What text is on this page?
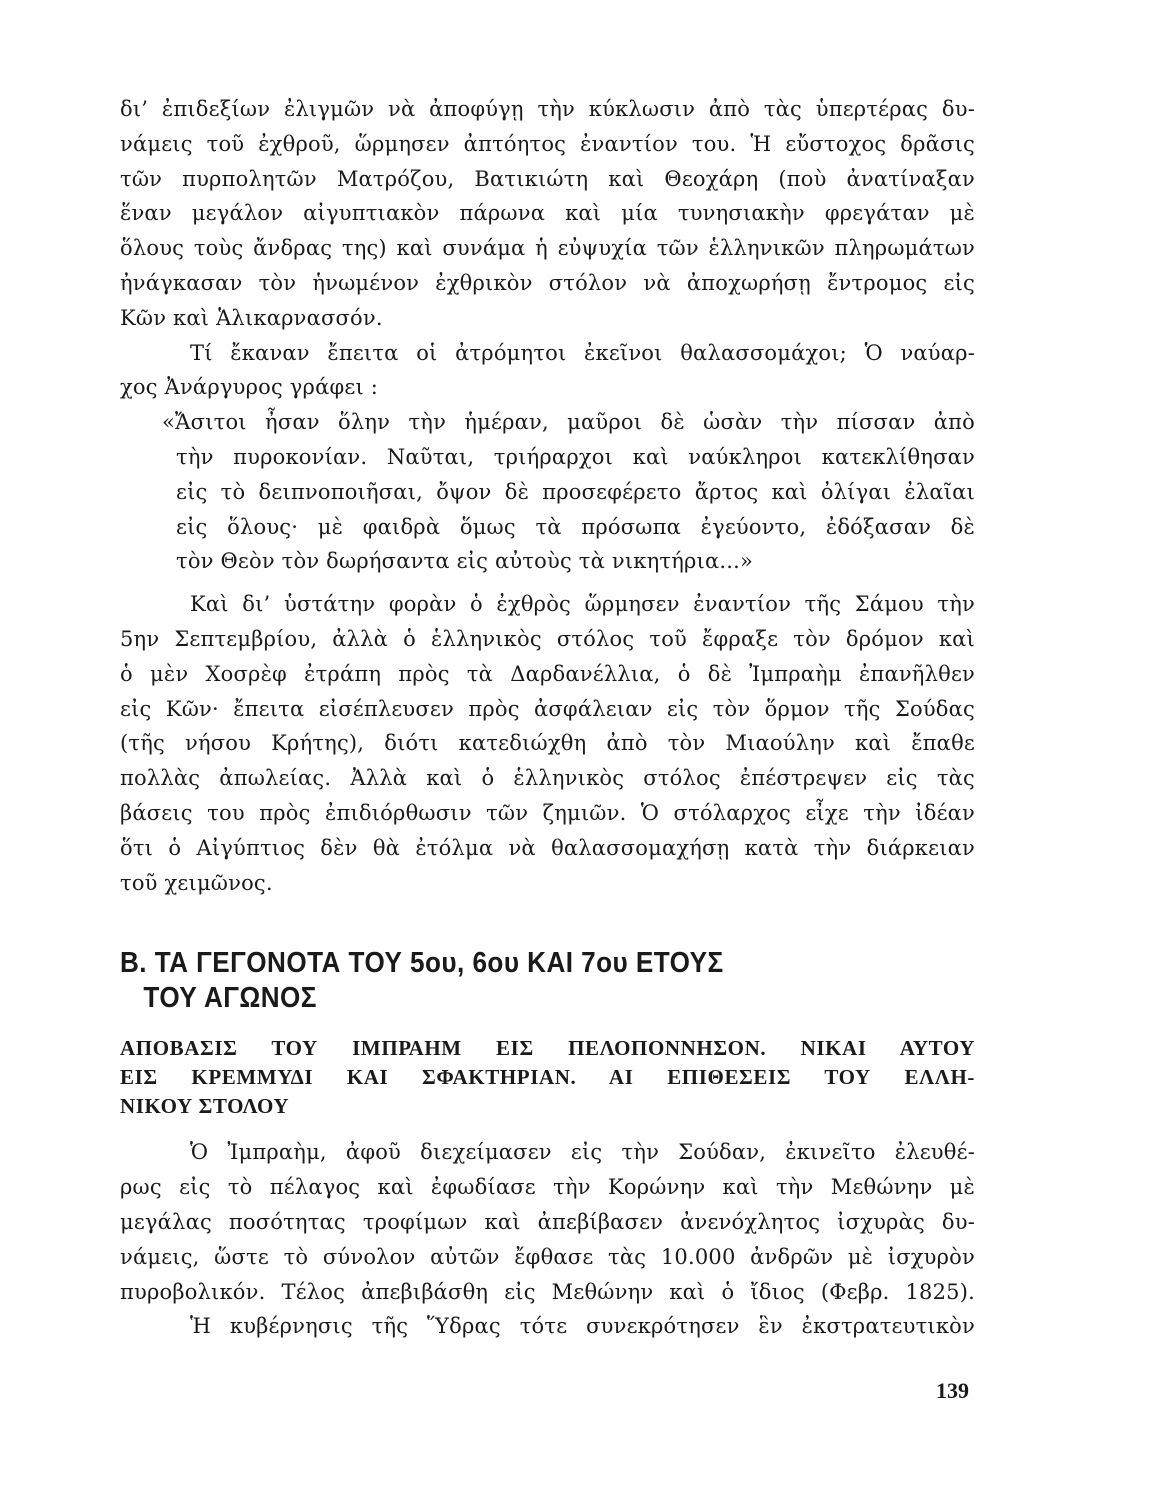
δι’ ἐπιδεξίων ἐλιγμῶν νὰ ἀποφύγῃ τὴν κύκλωσιν ἀπὸ τὰς ὑπερτέρας δυ-
νάμεις τοῦ ἐχθροῦ, ὥρμησεν ἀπτόητος ἐναντίον του. Ἡ εὔστοχος δρᾶσις
τῶν πυρπολητῶν Ματρόζου, Βατικιώτη καὶ Θεοχάρη (ποὺ ἀνατίναξαν
ἕναν μεγάλον αἰγυπτιακὸν πάρωνα καὶ μία τυνησιακὴν φρεγάταν μὲ
ὅλους τοὺς ἄνδρας της) καὶ συνάμα ἡ εὐψυχία τῶν ἑλληνικῶν πληρωμάτων
ἠνάγκασαν τὸν ἡνωμένον ἐχθρικὸν στόλον νὰ ἀποχωρήσῃ ἔντρομος εἰς
Κῶν καὶ Ἁλικαρνασσόν.
Τί ἔκαναν ἔπειτα οἱ ἀτρόμητοι ἐκεῖνοι θαλασσομάχοι; Ὁ ναύαρ-
χος Ἀνάργυρος γράφει :
«Ἄσιτοι ἦσαν ὅλην τὴν ἡμέραν, μαῦροι δὲ ὡσὰν τὴν πίσσαν ἀπὸ
τὴν πυροκονίαν. Ναῦται, τριήραρχοι καὶ ναύκληροι κατεκλίθησαν
εἰς τὸ δειπνοποιῆσαι, ὄψον δὲ προσεφέρετο ἄρτος καὶ ὀλίγαι ἐλαῖαι
εἰς ὅλους· μὲ φαιδρὰ ὅμως τὰ πρόσωπα ἐγεύοντο, ἐδόξασαν δὲ
τὸν Θεὸν τὸν δωρήσαντα εἰς αὐτοὺς τὰ νικητήρια...»
Καὶ δι’ ὑστάτην φορὰν ὁ ἐχθρὸς ὥρμησεν ἐναντίον τῆς Σάμου τὴν
5ην Σεπτεμβρίου, ἀλλὰ ὁ ἑλληνικὸς στόλος τοῦ ἔφραξε τὸν δρόμον καὶ
ὁ μὲν Χοσρὲφ ἐτράπη πρὸς τὰ Δαρδανέλλια, ὁ δὲ Ἰμπραὴμ ἐπανῆλθεν
εἰς Κῶν· ἔπειτα εἰσέπλευσεν πρὸς ἀσφάλειαν εἰς τὸν ὅρμον τῆς Σούδας
(τῆς νήσου Κρήτης), διότι κατεδιώχθη ἀπὸ τὸν Μιαούλην καὶ ἔπαθε
πολλὰς ἀπωλείας. Ἀλλὰ καὶ ὁ ἑλληνικὸς στόλος ἐπέστρεψεν εἰς τὰς
βάσεις του πρὸς ἐπιδιόρθωσιν τῶν ζημιῶν. Ὁ στόλαρχος εἶχε τὴν ἰδέαν
ὅτι ὁ Αἰγύπτιος δὲν θὰ ἐτόλμα νὰ θαλασσομαχήσῃ κατὰ τὴν διάρκειαν
τοῦ χειμῶνος.
Β. ΤΑ ΓΕΓΟΝΟΤΑ ΤΟΥ 5ου, 6ου ΚΑΙ 7ου ΕΤΟΥΣ
ΤΟΥ ΑΓΩΝΟΣ
ΑΠΟΒΑΣΙΣ ΤΟΥ ΙΜΠΡΑΗΜ ΕΙΣ ΠΕΛΟΠΟΝΝΗΣΟΝ. ΝΙΚΑΙ ΑΥΤΟΥ
ΕΙΣ ΚΡΕΜΜΥΔΙ ΚΑΙ ΣΦΑΚΤΗΡΙΑΝ. ΑΙ ΕΠΙΘΕΣΕΙΣ ΤΟΥ ΕΛΛΗ-
ΝΙΚΟΥ ΣΤΟΛΟΥ
Ὁ Ἰμπραὴμ, ἀφοῦ διεχείμασεν εἰς τὴν Σούδαν, ἐκινεῖτο ἐλευθέ-
ρως εἰς τὸ πέλαγος καὶ ἐφωδίασε τὴν Κορώνην καὶ τὴν Μεθώνην μὲ
μεγάλας ποσότητας τροφίμων καὶ ἀπεβίβασεν ἀνενόχλητος ἰσχυρὰς δυ-
νάμεις, ὥστε τὸ σύνολον αὐτῶν ἔφθασε τὰς 10.000 ἀνδρῶν μὲ ἰσχυρὸν
πυροβολικόν. Τέλος ἀπεβιβάσθη εἰς Μεθώνην καὶ ὁ ἴδιος (Φεβρ. 1825).
Ἡ κυβέρνησις τῆς Ὕδρας τότε συνεκρότησεν ἓν ἐκστρατευτικὸν
139
